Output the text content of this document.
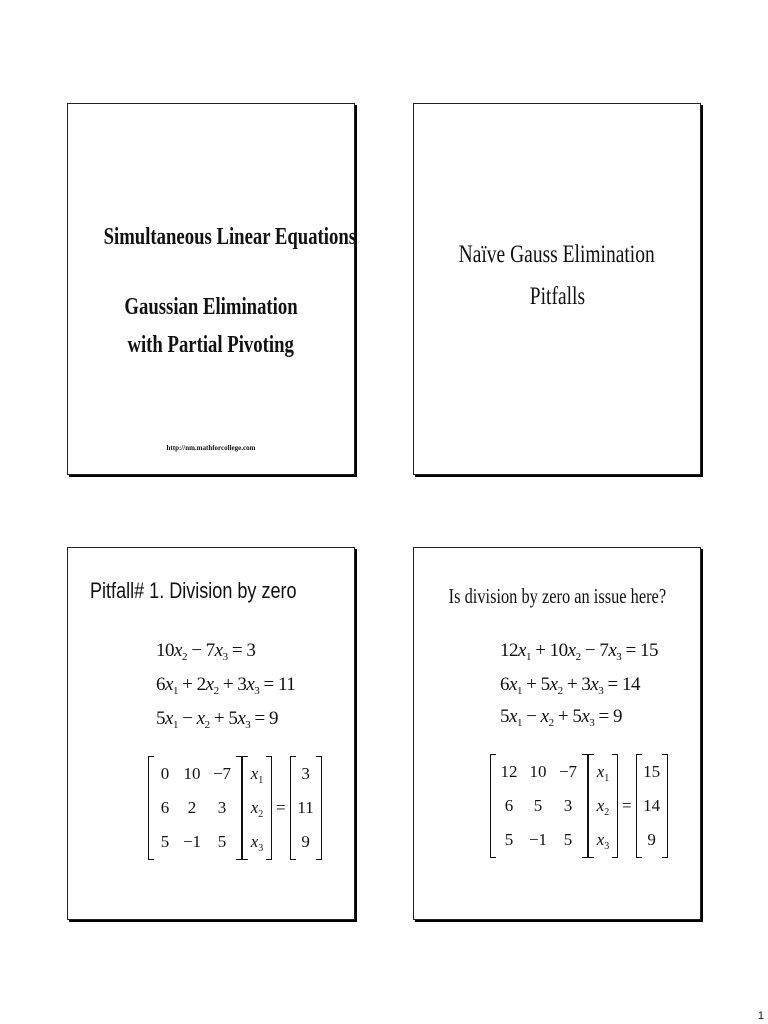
Simultaneous Linear Equations
Gaussian Elimination
with Partial Pivoting
http://nm.mathforcollege.com
Naïve Gauss Elimination
Pitfalls
Pitfall# 1. Division by zero
$10x_2 - 7x_3 = 3$
$6x_1 + 2x_2 + 3x_3 = 11$
$5x_1 - x_2 + 5x_3 = 9$
0 10 −7
6	2	3
5 −1 5
$x_1$
$x_2$
$x_3$
=
3
11
9
Is division by zero an issue here?
$12x_1 + 10x_2 - 7x_3 = 15$
$6x_1 + 5x_2 + 3x_3 = 14$
$5x_1 - x_2 + 5x_3 = 9$
12 10 −7
6	5	3
5 −1 5
$x_1$
$x_2$
$x_3$
=
15
14
9
1
